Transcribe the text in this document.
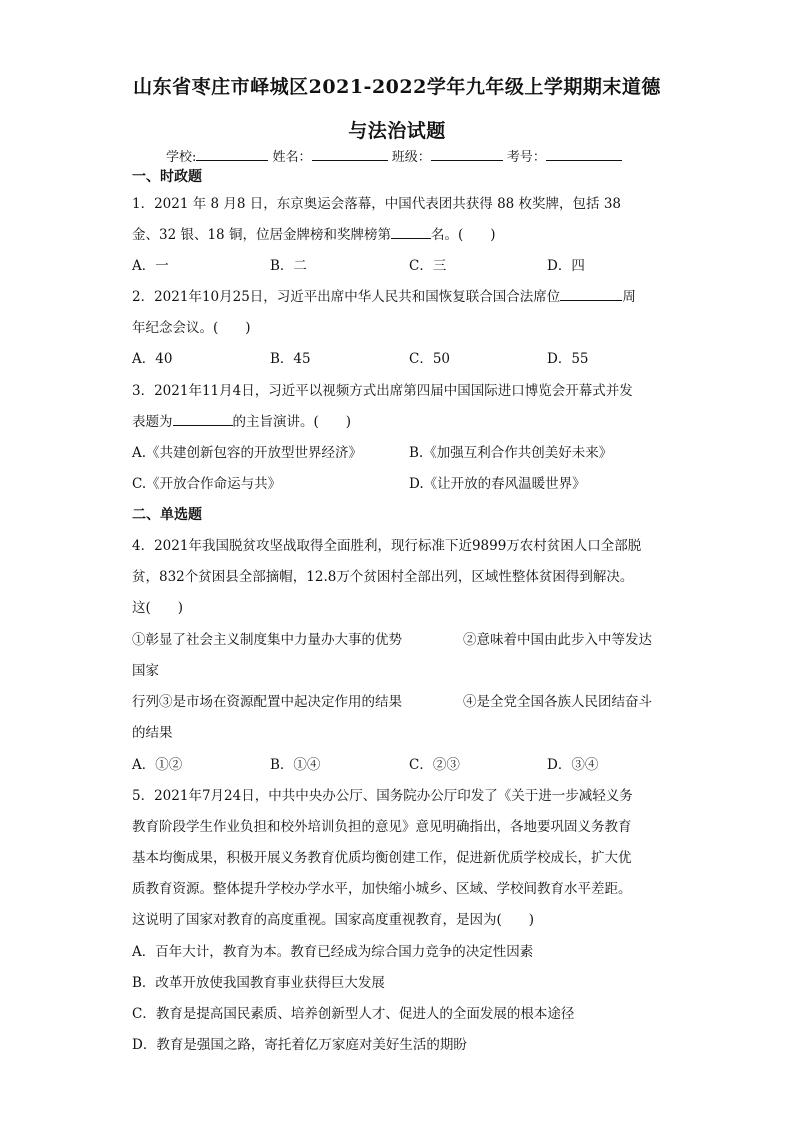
山东省枣庄市峄城区2021-2022学年九年级上学期期末道德
与法治试题
学校:	姓名：	班级：	考号：
一、时政题
1．2021 年 8 月8 日，东京奥运会落幕，中国代表团共获得 88 枚奖牌，包括 38
金、32 银、18 铜，位居金牌榜和奖牌榜第	名。(　　)
A．一	B．二	C．三	D．四
2．2021年10月25日，习近平出席中华人民共和国恢复联合国合法席位	周
年纪念会议。(　　)
A．40	B．45	C．50	D．55
3．2021年11月4日，习近平以视频方式出席第四届中国国际进口博览会开幕式并发
表题为	的主旨演讲。(　　)
A.《共建创新包容的开放型世界经济》	B.《加强互利合作共创美好未来》
C.《开放合作命运与共》	D.《让开放的春风温暖世界》
二、单选题
4．2021年我国脱贫攻坚战取得全面胜利，现行标准下近9899万农村贫困人口全部脱
贫，832个贫困县全部摘帽，12.8万个贫困村全部出列，区域性整体贫困得到解决。
这(　　)
①彰显了社会主义制度集中力量办大事的优势	②意味着中国由此步入中等发达
国家
行列③是市场在资源配置中起决定作用的结果	④是全党全国各族人民团结奋斗
的结果
A．①②	B．①④	C．②③	D．③④
5．2021年7月24日，中共中央办公厅、国务院办公厅印发了《关于进一步减轻义务
教育阶段学生作业负担和校外培训负担的意见》意见明确指出，各地要巩固义务教育
基本均衡成果，积极开展义务教育优质均衡创建工作，促进新优质学校成长，扩大优
质教育资源。整体提升学校办学水平，加快缩小城乡、区域、学校间教育水平差距。
这说明了国家对教育的高度重视。国家高度重视教育，是因为(　　)
A．百年大计，教育为本。教育已经成为综合国力竞争的决定性因素
B．改革开放使我国教育事业获得巨大发展
C．教育是提高国民素质、培养创新型人才、促进人的全面发展的根本途径
D．教育是强国之路，寄托着亿万家庭对美好生活的期盼
